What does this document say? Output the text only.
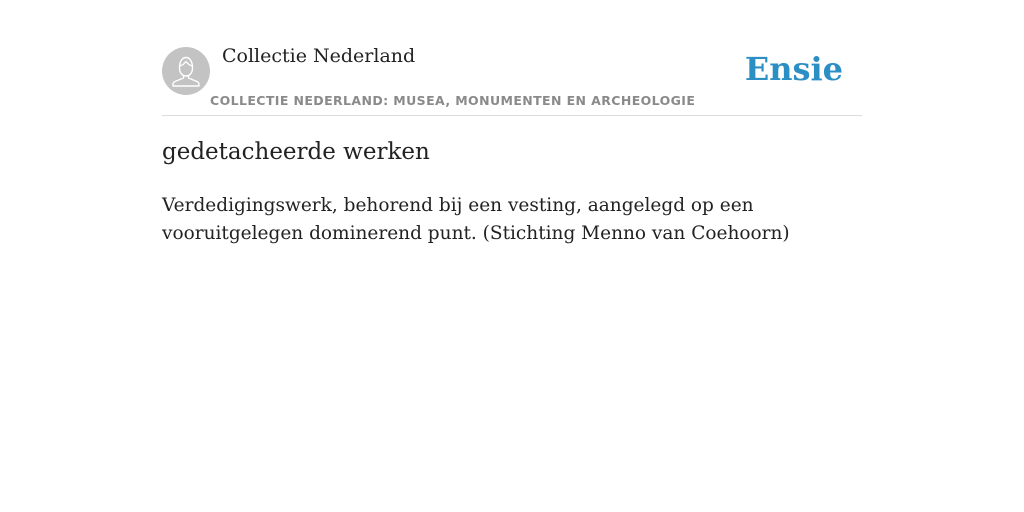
Collectie Nederland
COLLECTIE NEDERLAND: MUSEA, MONUMENTEN EN ARCHEOLOGIE
Ensie
gedetacheerde werken

Verdedigingswerk, behorend bij een vesting, aangelegd op een vooruitgelegen dominerend punt. (Stichting Menno van Coehoorn)
